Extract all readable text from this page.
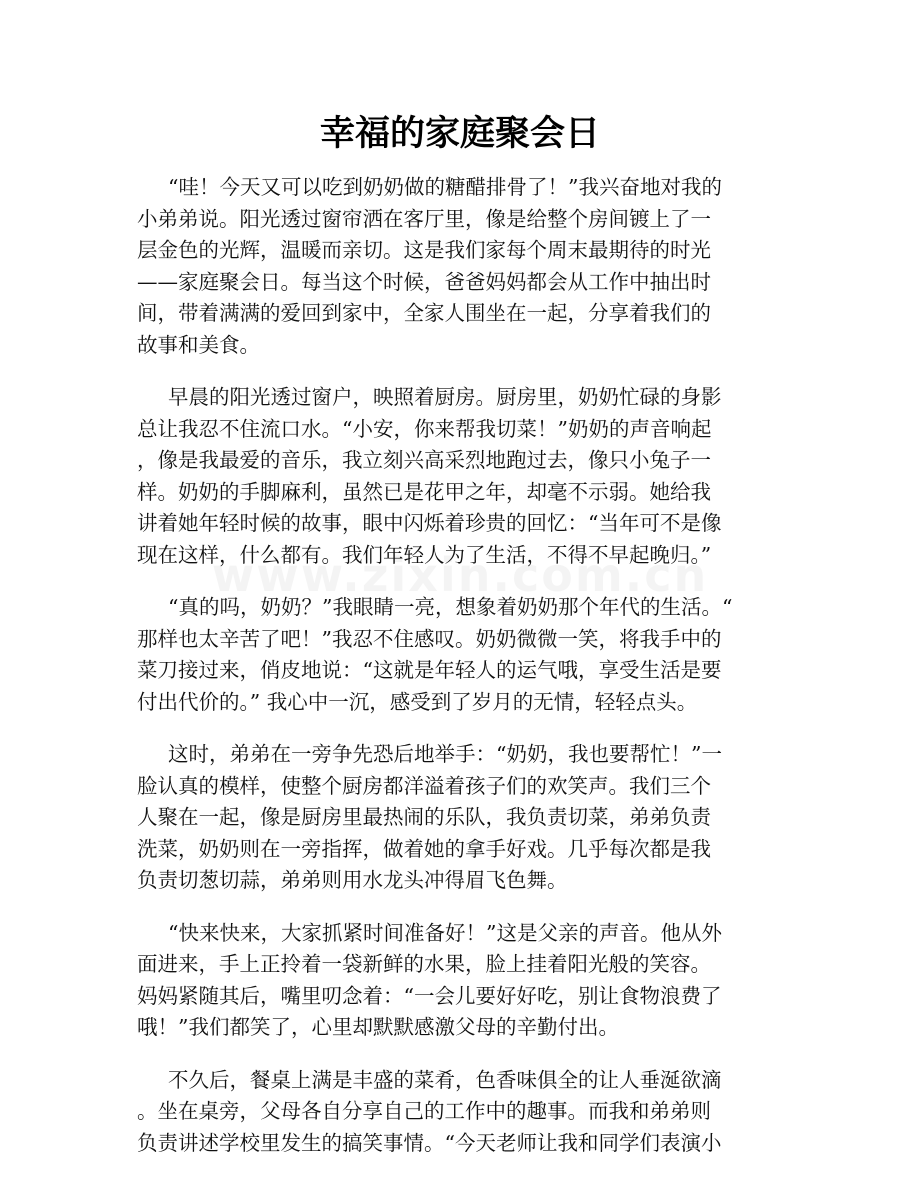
幸福的家庭聚会日
“哇！今天又可以吃到奶奶做的糖醋排骨了！”我兴奋地对我的
小弟弟说。阳光透过窗帘洒在客厅里，像是给整个房间镀上了一
层金色的光辉，温暖而亲切。这是我们家每个周末最期待的时光
——家庭聚会日。每当这个时候，爸爸妈妈都会从工作中抽出时
间，带着满满的爱回到家中，全家人围坐在一起，分享着我们的
故事和美食。
早晨的阳光透过窗户，映照着厨房。厨房里，奶奶忙碌的身影
总让我忍不住流口水。“小安，你来帮我切菜！”奶奶的声音响起
，像是我最爱的音乐，我立刻兴高采烈地跑过去，像只小兔子一
样。奶奶的手脚麻利，虽然已是花甲之年，却毫不示弱。她给我
讲着她年轻时候的故事，眼中闪烁着珍贵的回忆：“当年可不是像
现在这样，什么都有。我们年轻人为了生活，不得不早起晚归。”
“真的吗，奶奶？”我眼睛一亮，想象着奶奶那个年代的生活。“
那样也太辛苦了吧！”我忍不住感叹。奶奶微微一笑，将我手中的
菜刀接过来，俏皮地说：“这就是年轻人的运气哦，享受生活是要
付出代价的。” 我心中一沉，感受到了岁月的无情，轻轻点头。
这时，弟弟在一旁争先恐后地举手：“奶奶，我也要帮忙！”一
脸认真的模样，使整个厨房都洋溢着孩子们的欢笑声。我们三个
人聚在一起，像是厨房里最热闹的乐队，我负责切菜，弟弟负责
洗菜，奶奶则在一旁指挥，做着她的拿手好戏。几乎每次都是我
负责切葱切蒜，弟弟则用水龙头冲得眉飞色舞。
“快来快来，大家抓紧时间准备好！”这是父亲的声音。他从外
面进来，手上正拎着一袋新鲜的水果，脸上挂着阳光般的笑容。
妈妈紧随其后，嘴里叨念着：“一会儿要好好吃，别让食物浪费了
哦！”我们都笑了，心里却默默感激父母的辛勤付出。
不久后，餐桌上满是丰盛的菜肴，色香味俱全的让人垂涎欲滴
。坐在桌旁，父母各自分享自己的工作中的趣事。而我和弟弟则
负责讲述学校里发生的搞笑事情。“今天老师让我和同学们表演小
